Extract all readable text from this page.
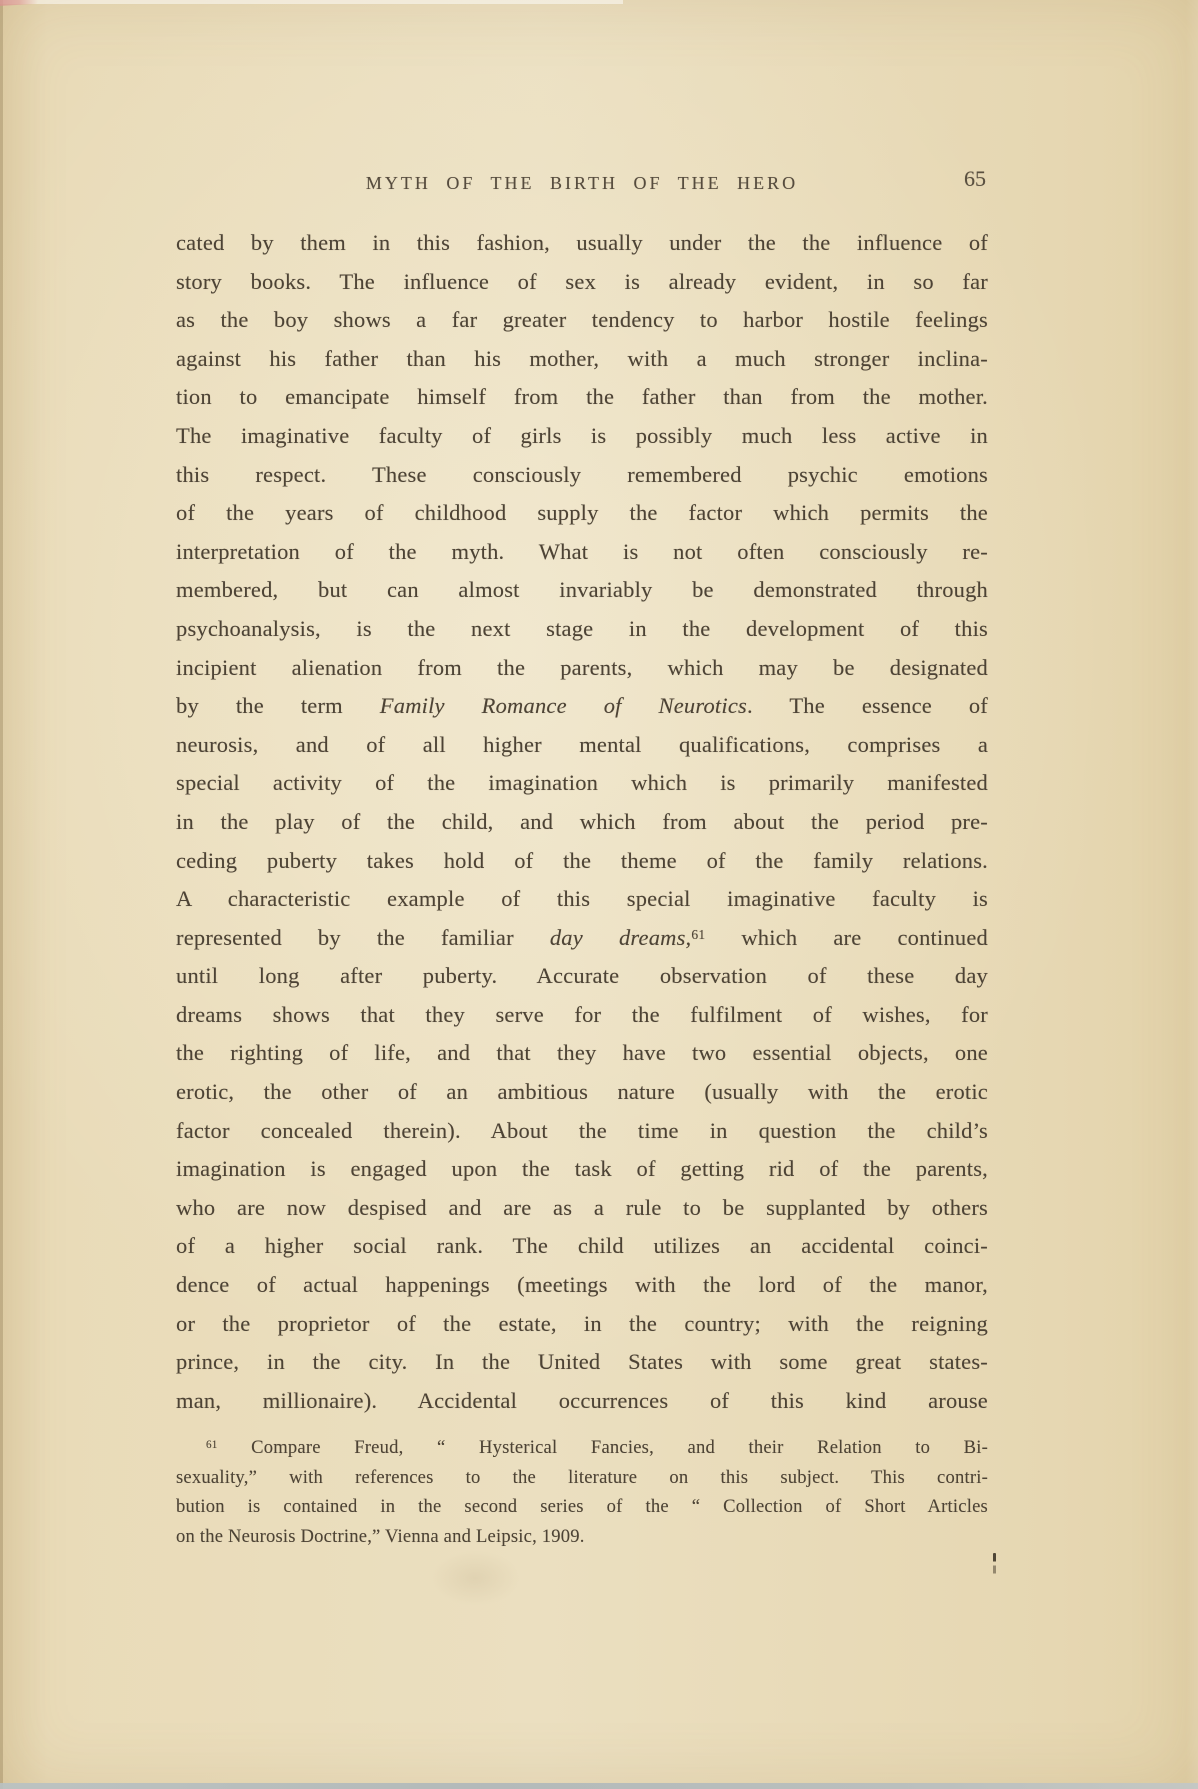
MYTH OF THE BIRTH OF THE HERO	65
cated by them in this fashion, usually under the the influence of
story books. The influence of sex is already evident, in so far
as the boy shows a far greater tendency to harbor hostile feelings
against his father than his mother, with a much stronger inclina-
tion to emancipate himself from the father than from the mother.
The imaginative faculty of girls is possibly much less active in
this respect. These consciously remembered psychic emotions
of the years of childhood supply the factor which permits the
interpretation of the myth. What is not often consciously re-
membered, but can almost invariably be demonstrated through
psychoanalysis, is the next stage in the development of this
incipient alienation from the parents, which may be designated
by the term Family Romance of Neurotics. The essence of
neurosis, and of all higher mental qualifications, comprises a
special activity of the imagination which is primarily manifested
in the play of the child, and which from about the period pre-
ceding puberty takes hold of the theme of the family relations.
A characteristic example of this special imaginative faculty is
represented by the familiar day dreams,$^{61}$ which are continued
until long after puberty. Accurate observation of these day
dreams shows that they serve for the fulfilment of wishes, for
the righting of life, and that they have two essential objects, one
erotic, the other of an ambitious nature (usually with the erotic
factor concealed therein). About the time in question the child’s
imagination is engaged upon the task of getting rid of the parents,
who are now despised and are as a rule to be supplanted by others
of a higher social rank. The child utilizes an accidental coinci-
dence of actual happenings (meetings with the lord of the manor,
or the proprietor of the estate, in the country; with the reigning
prince, in the city. In the United States with some great states-
man, millionaire). Accidental occurrences of this kind arouse
$^{61}$ Compare Freud, “ Hysterical Fancies, and their Relation to Bi-
sexuality,” with references to the literature on this subject. This contri-
bution is contained in the second series of the “ Collection of Short Articles
on the Neurosis Doctrine,” Vienna and Leipsic, 1909.
